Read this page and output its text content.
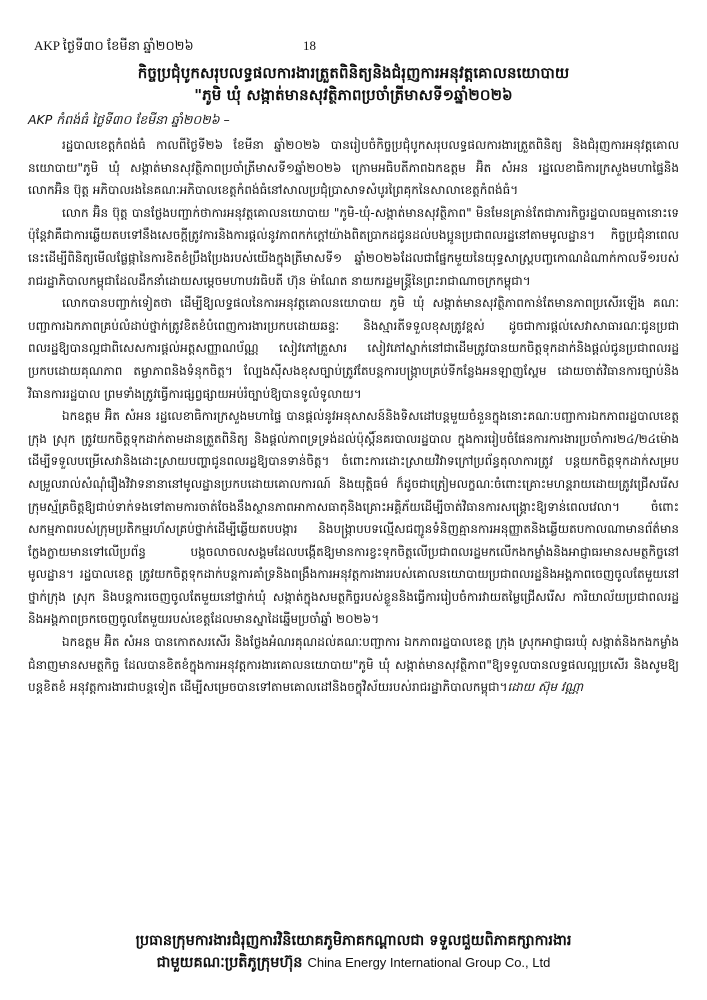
AKP ថ្ងៃទី៣០ ខែមីនា ឆ្នាំ២០២៦	18
កិច្ចប្រជុំបូកសរុបលទ្ធផលការងារត្រួតពិនិត្យនិងជំរុញការអនុវត្តគោលនយោបាយ
"ភូមិ ឃុំ សង្កាត់មានសុវត្ថិភាពប្រចាំត្រីមាសទី១ឆ្នាំ២០២៦
AKP កំពង់ធំ ថ្ងៃទី៣០ ខែមីនា ឆ្នាំ២០២៦ –

រដ្ឋបាលខេត្តកំពង់ធំ កាលពីថ្ងៃទី២៦ ខែមីនា ឆ្នាំ២០២៦ បានរៀបចំកិច្ចប្រជុំបូកសរុបលទ្ធផលការងារត្រួតពិនិត្យ និងជំរុញការអនុវត្តគោលនយោបាយ"ភូមិ ឃុំ សង្កាត់មានសុវត្ថិភាពប្រចាំត្រីមាសទី១ឆ្នាំ២០២៦ ក្រោមអធិបតីភាពឯកឧត្តម អ៊ិត សំអន រដ្ឋលេខាធិការក្រសួងមហាផ្ទៃនិងលោកអ៊ិន ប៊ុត្ត អភិបាលរងនៃគណៈអភិបាលខេត្តកំពង់ធំនៅសាលប្រជុំប្រាសាទសំបូរព្រៃគុកនៃសាលាខេត្តកំពង់ធំ។

លោក អ៊ិន ប៊ុត្ត បានថ្លែងបញ្ជាក់ថាការអនុវត្តគោលនយោបាយ "ភូមិ-ឃុំ-សង្កាត់មានសុវត្ថិភាព" មិនមែនគ្រាន់តែជាភារកិច្ចរដ្ឋបាលធម្មតានោះទេប៉ុន្តែវាគឺជាការឆ្លើយតបទៅនឹងសេចក្តីត្រូវការនិងការផ្តល់នូវភាពកក់ក្តៅយ៉ាងពិតប្រាកដជូនដល់បងប្អូនប្រជាពលរដ្ឋនៅតាមមូលដ្ឋាន។ កិច្ចប្រជុំនាពេលនេះដើម្បីពិនិត្យមើលផ្លែផ្កានៃការខិតខំប្រឹងប្រែងរបស់យើងក្នុងត្រីមាសទី១ ឆ្នាំ២០២៦ដែលជាផ្នែកមួយនៃយុទ្ធសាស្ត្របញ្ចកោណដំណាក់កាលទី១របស់រាជរដ្ឋាភិបាលកម្ពុជាដែលដឹកនាំដោយសម្តេចមហាបវរធិបតី ហ៊ុន ម៉ាណែត នាយករដ្ឋមន្ត្រីនៃព្រះរាជាណាចក្រកម្ពុជា។

លោកបានបញ្ជាក់ទៀតថា ដើម្បីឱ្យលទ្ធផលនៃការអនុវត្តគោលនយោបាយ ភូមិ ឃុំ សង្កាត់មានសុវត្ថិភាពកាន់តែមានភាពប្រសើរឡើង គណៈបញ្ជាការឯកភាពគ្រប់លំដាប់ថ្នាក់ត្រូវខិតខំបំពេញការងារប្រកបដោយឆន្ទៈ និងស្មារតីទទួលខុសត្រូវខ្ពស់ ដូចជាការផ្តល់សេវាសាធារណៈជូនប្រជាពលរដ្ឋឱ្យបានល្អជាពិសេសការផ្តល់អត្តសញ្ញាណប័ណ្ណ សៀវភៅគ្រួសារ សៀវភៅស្នាក់នៅជាដើមត្រូវបានយកចិត្តទុកដាក់និងផ្តល់ជូនប្រជាពលរដ្ឋប្រកបដោយគុណភាព តម្លាភាពនិងទំនុកចិត្ត។ ល្បែងស៊ីសងខុសច្បាប់ត្រូវតែបន្តការបង្ក្រាបគ្រប់ទីកន្លែងអនឡាញស្ពែម ដោយចាត់វិធានការច្បាប់និងវិធានការរដ្ឋបាល ព្រមទាំងត្រូវធ្វើការផ្សព្វផ្សាយអប់រំច្បាប់ឱ្យបានទូលំទូលាយ។

ឯកឧត្តម អ៊ិត សំអន រដ្ឋលេខាធិការក្រសួងមហាផ្ទៃ បានផ្តល់នូវអនុសាសន៍និងទិសដៅបន្តមួយចំនួនក្នុងនោះគណៈបញ្ជាការឯកភាពរដ្ឋបាលខេត្ត ក្រុង ស្រុក ត្រូវយកចិត្តទុកដាក់តាមដានត្រួតពិនិត្យ និងផ្តល់ភាពទ្រទ្រង់ដល់ប៉ុស្តិ៍នគរបាលរដ្ឋបាល ក្នុងការរៀបចំផែនការការងារប្រចាំការ២៤/២៤ម៉ោងដើម្បីទទួលបម្រើសេវានិងដោះស្រាយបញ្ហាជូនពលរដ្ឋឱ្យបានទាន់ចិត្ត។ ចំពោះការដោះស្រាយវិវាទក្រៅប្រព័ន្ធតុលាការត្រូវ បន្តយកចិត្តទុកដាក់សម្របសម្រួលរាល់សំណុំរឿងវិវាទនានានៅមូលដ្ឋានប្រកបដោយគោលការណ៍ និងយុត្តិធម៌ ក៏ដូចជាត្រៀមលក្ខណៈចំពោះគ្រោះមហន្តរាយដោយត្រូវជ្រើសរើសក្រុមស្ម័គ្រចិត្តឱ្យជាប់ទាក់ទងទៅតាមការ​ចាត់ចែងនឹងស្ថានភាពអាកាសធាតុនិងគ្រោះអគ្គិភ័យដើម្បីចាត់វិធានការសង្គ្រោះឱ្យទាន់ពេលវេលា។ ចំពោះសកម្មភាពរបស់ក្រុមប្រតិកម្មរហ័សគ្រប់ថ្នាក់ដើម្បីឆ្លើយតបបង្ការ និងបង្ក្រាបបទល្មើសជញ្ជូនទំនិញគ្មានការអនុញ្ញាតនិងឆ្លើយតបកាលណាមានព័ត៌មានក្លែងក្លាយមានទៅលើប្រព័ន្ធ បង្កចលាចលសង្គមដែលបង្កើតឱ្យមានការខ្វះទុកចិត្តលើប្រជាពលរដ្ឋមកលើកងកម្លាំងនិងអាជ្ញាធរមានសមត្ថកិច្ចនៅមូលដ្ឋាន។ រដ្ឋបាលខេត្ត ត្រូវយកចិត្តទុកដាក់បន្តការគាំទ្រនិងពង្រឹងការអនុវត្តការងាររបស់គោលនយោបាយប្រជាពលរដ្ឋនិងអង្គភាពចេញចូលតែមួយនៅថ្នាក់ក្រុង ស្រុក និងបន្តការចេញចូលតែមួយនៅថ្នាក់ឃុំ សង្កាត់ក្នុងសមត្ថកិច្ចរបស់ខ្លួននិងធ្វើការរៀបចំការវាយតម្លៃជ្រើសរើស ការិយាល័យប្រជាពលរដ្ឋនិងអង្គភាពច្រកចេញចូលតែមួយរបស់ខេត្តដែលមានស្នាដៃឆ្នើមប្រចាំឆ្នាំ ២០២៦។

ឯកឧត្តម អ៊ិត សំអន បានកោតសរសើរ និងថ្លែងអំណរគុណដល់គណៈបញ្ជាការ ឯកភាពរដ្ឋបាលខេត្ត ក្រុង ស្រុកអាជ្ញាធរឃុំ សង្កាត់និងកងកម្លាំងជំនាញមានសមត្ថកិច្ច ដែលបានខិតខំក្នុងការអនុវត្តការងារគោលនយោបាយ"ភូមិ ឃុំ សង្កាត់មានសុវត្ថិភាព"ឱ្យទទួលបានលទ្ធផលល្អប្រសើរ និងសូមឱ្យបន្តខិតខំ អនុវត្តការងារជាបន្តទៀត ដើម្បីសម្រេចបានទៅតាមគោលដៅនិងចក្ខុវិស័យរបស់រាជរដ្ឋាភិបាលកម្ពុជា។ដោយ ស៊ុម វណ្ណា

ប្រធានក្រុមការងារជំរុញការវិនិយោគភូមិភាគកណ្តាលជា ទទួលជួយពិភាគក្សាការងារ
ជាមួយគណៈប្រតិភូក្រុមហ៊ុន China Energy International Group Co., Ltd
